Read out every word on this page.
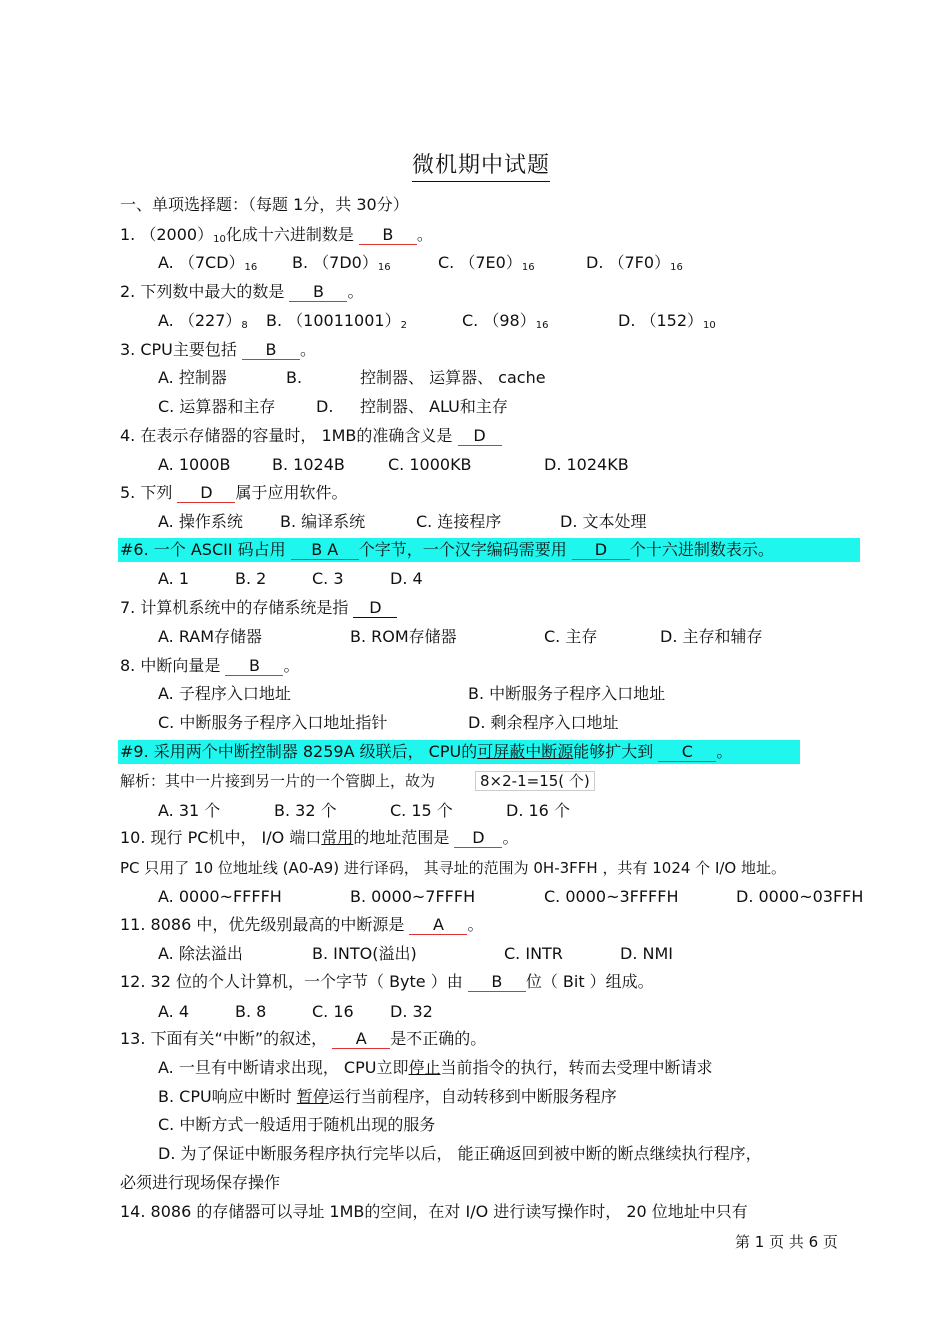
微机期中试题
一、单项选择题：（每题 1分，共 30分）
1. $(2000)_{10}$化成十六进制数是 B 。
A. $(7CD)_{16}$ B. $(7D0)_{16}$	C. $(7E0)_{16}$	D. $(7F0)_{16}$
2. 下列数中最大的数是 B 。
A. $(227)_8$ B. $(10011001)_2$	C. $(98)_{16}$	D. $(152)_{10}$
3. CPU主要包括 B 。
A. 控制器	B.	控制器、 运算器、 cache
C. 运算器和主存	D. 控制器、 ALU和主存
4. 在表示存储器的容量时， 1MB的准确含义是 D
A. 1000B	B. 1024B	C. 1000KB	D. 1024KB
5. 下列 D 属于应用软件。
A. 操作系统 B. 编译系统	C. 连接程序	D. 文本处理
#6. 一个 ASCII 码占用 B A 个字节，一个汉字编码需要用 D 个十六进制数表示。
A. 1	B. 2	C. 3	D. 4
7. 计算机系统中的存储系统是指 D
A. RAM存储器	B. ROM存储器	C. 主存	D. 主存和辅存
8. 中断向量是 B 。
A. 子程序入口地址	B. 中断服务子程序入口地址
C. 中断服务子程序入口地址指针	D. 剩余程序入口地址
#9. 采用两个中断控制器 8259A 级联后， CPU的可屏蔽中断源能够扩大到 C 。
解析：其中一片接到另一片的一个管脚上，故为	8×2-1=15( 个)
A. 31 个	B. 32 个	C. 15 个	D. 16 个
10. 现行 PC机中， I/O 端口常用的地址范围是 D 。
PC 只用了 10 位地址线 (A0-A9) 进行译码， 其寻址的范围为 0H-3FFH ，共有 1024 个 I/O 地址。
A. 0000~FFFFH	B. 0000~7FFFH	C. 0000~3FFFFH	D. 0000~03FFH
11. 8086 中，优先级别最高的中断源是 A 。
A. 除法溢出	B. INTO(溢出)	C. INTR	D. NMI
12. 32 位的个人计算机，一个字节（ Byte ）由 B 位（ Bit ）组成。
A. 4	B. 8	C. 16 D. 32
13. 下面有关“中断”的叙述， A 是不正确的。
A. 一旦有中断请求出现， CPU立即停止当前指令的执行，转而去受理中断请求
B. CPU响应中断时 暂停运行当前程序，自动转移到中断服务程序
C. 中断方式一般适用于随机出现的服务
D. 为了保证中断服务程序执行完毕以后， 能正确返回到被中断的断点继续执行程序，
必须进行现场保存操作
14. 8086 的存储器可以寻址 1MB的空间，在对 I/O 进行读写操作时， 20 位地址中只有
第 1 页 共 6 页
